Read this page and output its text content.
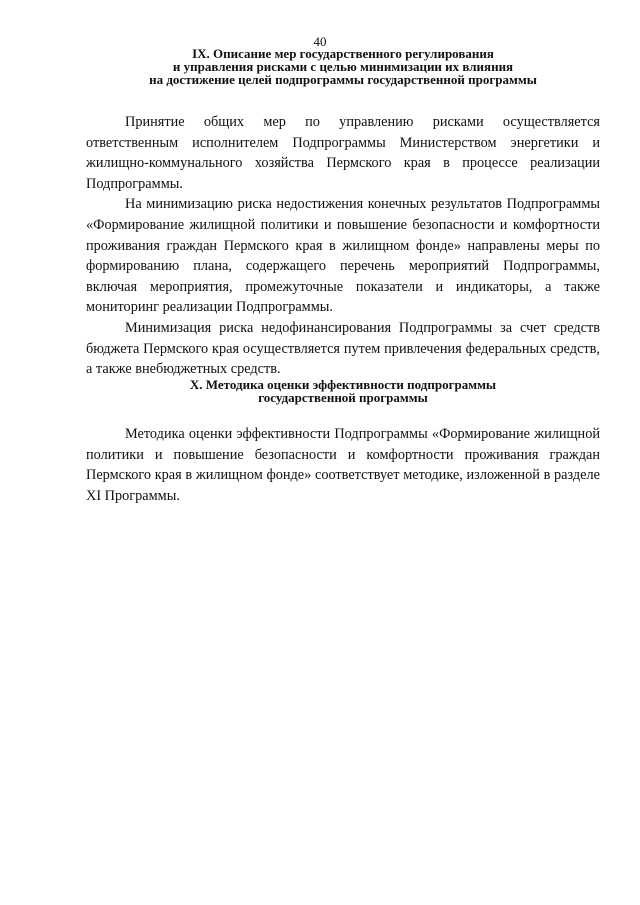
40
IX. Описание мер государственного регулирования
и управления рисками с целью минимизации их влияния
на достижение целей подпрограммы государственной программы

Принятие общих мер по управлению рисками осуществляется ответственным исполнителем Подпрограммы Министерством энергетики и жилищно-коммунального хозяйства Пермского края в процессе реализации Подпрограммы.

На минимизацию риска недостижения конечных результатов Подпрограммы «Формирование жилищной политики и повышение безопасности и комфортности проживания граждан Пермского края в жилищном фонде» направлены меры по формированию плана, содержащего перечень мероприятий Подпрограммы, включая мероприятия, промежуточные показатели и индикаторы, а также мониторинг реализации Подпрограммы.

Минимизация риска недофинансирования Подпрограммы за счет средств бюджета Пермского края осуществляется путем привлечения федеральных средств, а также внебюджетных средств.

X. Методика оценки эффективности подпрограммы
государственной программы

Методика оценки эффективности Подпрограммы «Формирование жилищной политики и повышение безопасности и комфортности проживания граждан Пермского края в жилищном фонде» соответствует методике, изложенной в разделе XI Программы.
